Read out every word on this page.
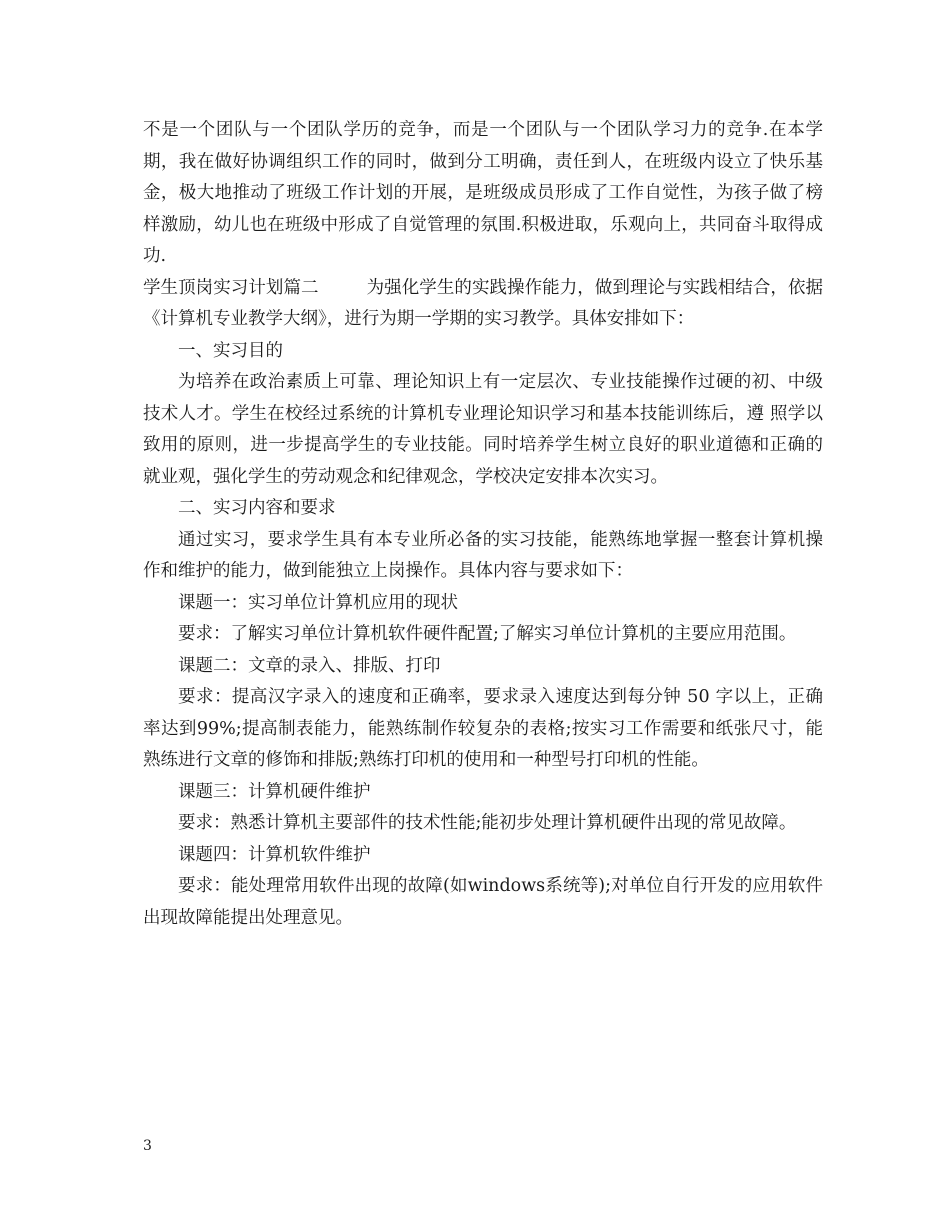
不是一个团队与一个团队学历的竞争，而是一个团队与一个团队学习力的竞争.在本学期，我在做好协调组织工作的同时，做到分工明确，责任到人，在班级内设立了快乐基金，极大地推动了班级工作计划的开展，是班级成员形成了工作自觉性，为孩子做了榜样激励，幼儿也在班级中形成了自觉管理的氛围.积极进取，乐观向上，共同奋斗取得成功.

学生顶岗实习计划篇二	为强化学生的实践操作能力，做到理论与实践相结合，依据《计算机专业教学大纲》，进行为期一学期的实习教学。具体安排如下：

一、实习目的

为培养在政治素质上可靠、理论知识上有一定层次、专业技能操作过硬的初、中级技术人才。学生在校经过系统的计算机专业理论知识学习和基本技能训练后，遵 照学以致用的原则，进一步提高学生的专业技能。同时培养学生树立良好的职业道德和正确的就业观，强化学生的劳动观念和纪律观念，学校决定安排本次实习。

二、实习内容和要求

通过实习，要求学生具有本专业所必备的实习技能，能熟练地掌握一整套计算机操作和维护的能力，做到能独立上岗操作。具体内容与要求如下：

课题一：实习单位计算机应用的现状

要求：了解实习单位计算机软件硬件配置;了解实习单位计算机的主要应用范围。

课题二：文章的录入、排版、打印

要求：提高汉字录入的速度和正确率，要求录入速度达到每分钟 50 字以上，正确率达到99%;提高制表能力，能熟练制作较复杂的表格;按实习工作需要和纸张尺寸，能熟练进行文章的修饰和排版;熟练打印机的使用和一种型号打印机的性能。

课题三：计算机硬件维护

要求：熟悉计算机主要部件的技术性能;能初步处理计算机硬件出现的常见故障。

课题四：计算机软件维护

要求：能处理常用软件出现的故障(如windows系统等);对单位自行开发的应用软件出现故障能提出处理意见。

3
